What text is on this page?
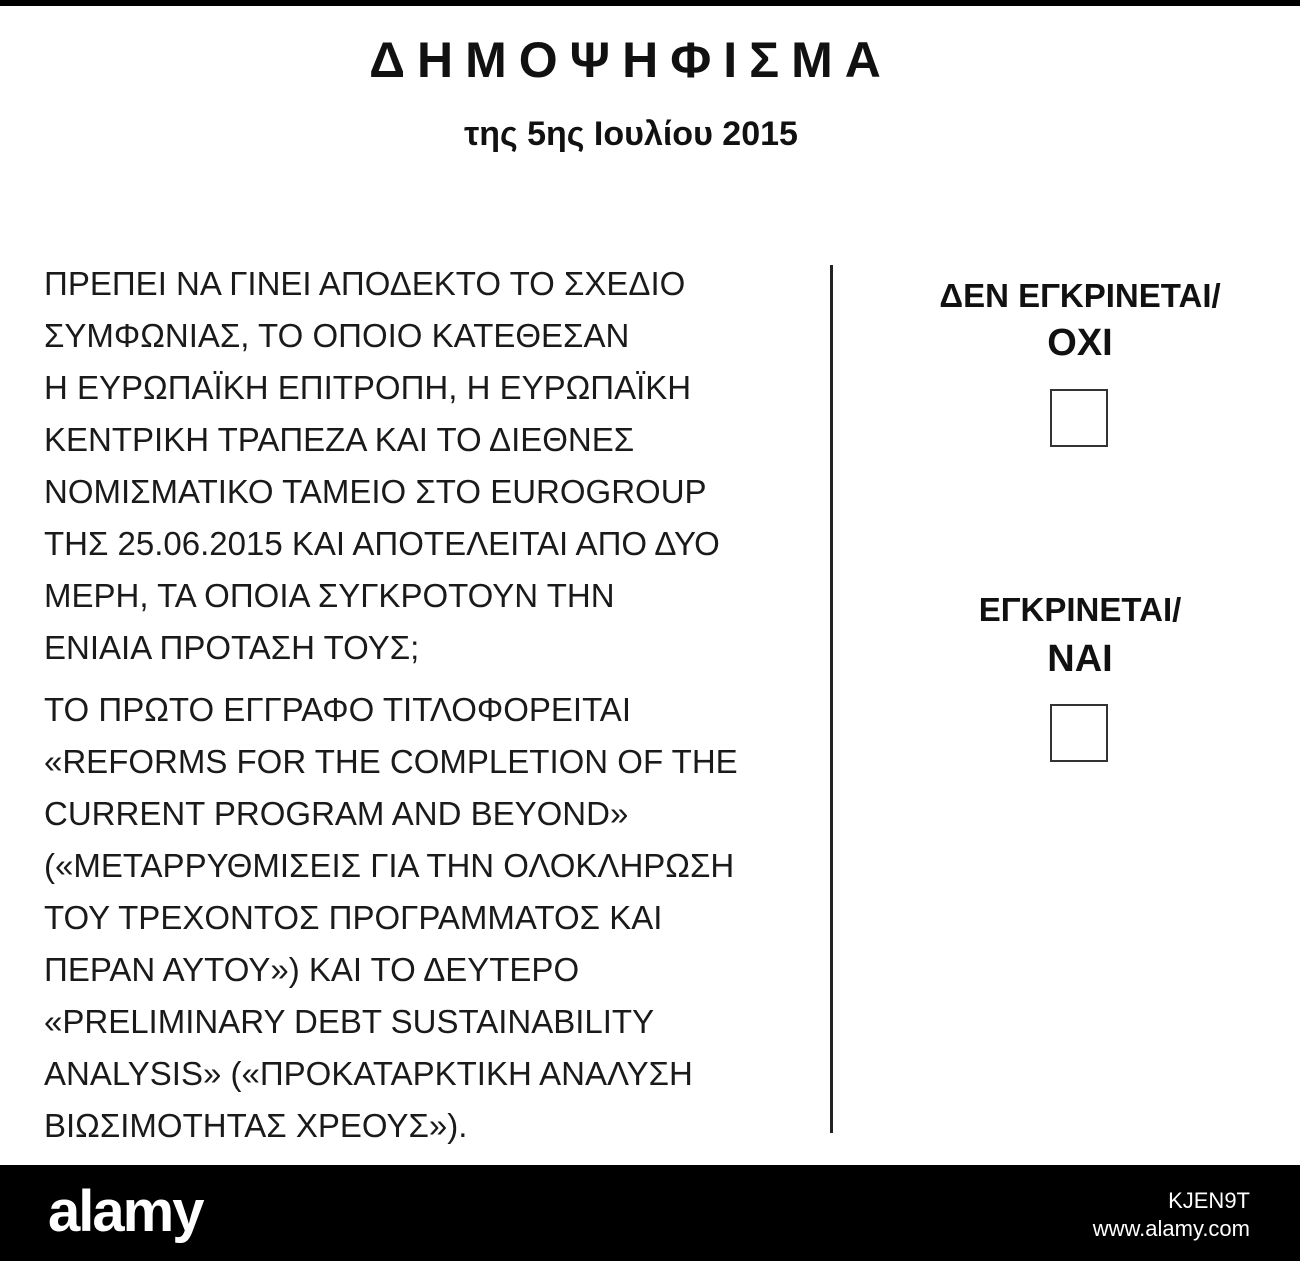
ΔΗΜΟΨΗΦΙΣΜΑ
της 5ης Ιουλίου 2015
ΠΡΕΠΕΙ ΝΑ ΓΙΝΕΙ ΑΠΟΔΕΚΤΟ ΤΟ ΣΧΕΔΙΟ
ΣΥΜΦΩΝΙΑΣ, ΤΟ ΟΠΟΙΟ ΚΑΤΕΘΕΣΑΝ
Η ΕΥΡΩΠΑΪΚΗ ΕΠΙΤΡΟΠΗ, Η ΕΥΡΩΠΑΪΚΗ
ΚΕΝΤΡΙΚΗ ΤΡΑΠΕΖΑ ΚΑΙ ΤΟ ΔΙΕΘΝΕΣ
ΝΟΜΙΣΜΑΤΙΚΟ ΤΑΜΕΙΟ ΣΤΟ EUROGROUP
ΤΗΣ 25.06.2015 ΚΑΙ ΑΠΟΤΕΛΕΙΤΑΙ ΑΠΟ ΔΥΟ
ΜΕΡΗ, ΤΑ ΟΠΟΙΑ ΣΥΓΚΡΟΤΟΥΝ ΤΗΝ
ΕΝΙΑΙΑ ΠΡΟΤΑΣΗ ΤΟΥΣ;
ΤΟ ΠΡΩΤΟ ΕΓΓΡΑΦΟ ΤΙΤΛΟΦΟΡΕΙΤΑΙ
«REFORMS FOR THE COMPLETION OF THE
CURRENT PROGRAM AND BEYOND»
(«ΜΕΤΑΡΡΥΘΜΙΣΕΙΣ ΓΙΑ ΤΗΝ ΟΛΟΚΛΗΡΩΣΗ
ΤΟΥ ΤΡΕΧΟΝΤΟΣ ΠΡΟΓΡΑΜΜΑΤΟΣ ΚΑΙ
ΠΕΡΑΝ ΑΥΤΟΥ») ΚΑΙ ΤΟ ΔΕΥΤΕΡΟ
«PRELIMINARY DEBT SUSTAINABILITY
ANALYSIS» («ΠΡΟΚΑΤΑΡΚΤΙΚΗ ΑΝΑΛΥΣΗ
ΒΙΩΣΙΜΟΤΗΤΑΣ ΧΡΕΟΥΣ»).
ΔΕΝ ΕΓΚΡΙΝΕΤΑΙ/
ΟΧΙ
ΕΓΚΡΙΝΕΤΑΙ/
ΝΑΙ
alamy	KJEN9T
www.alamy.com
